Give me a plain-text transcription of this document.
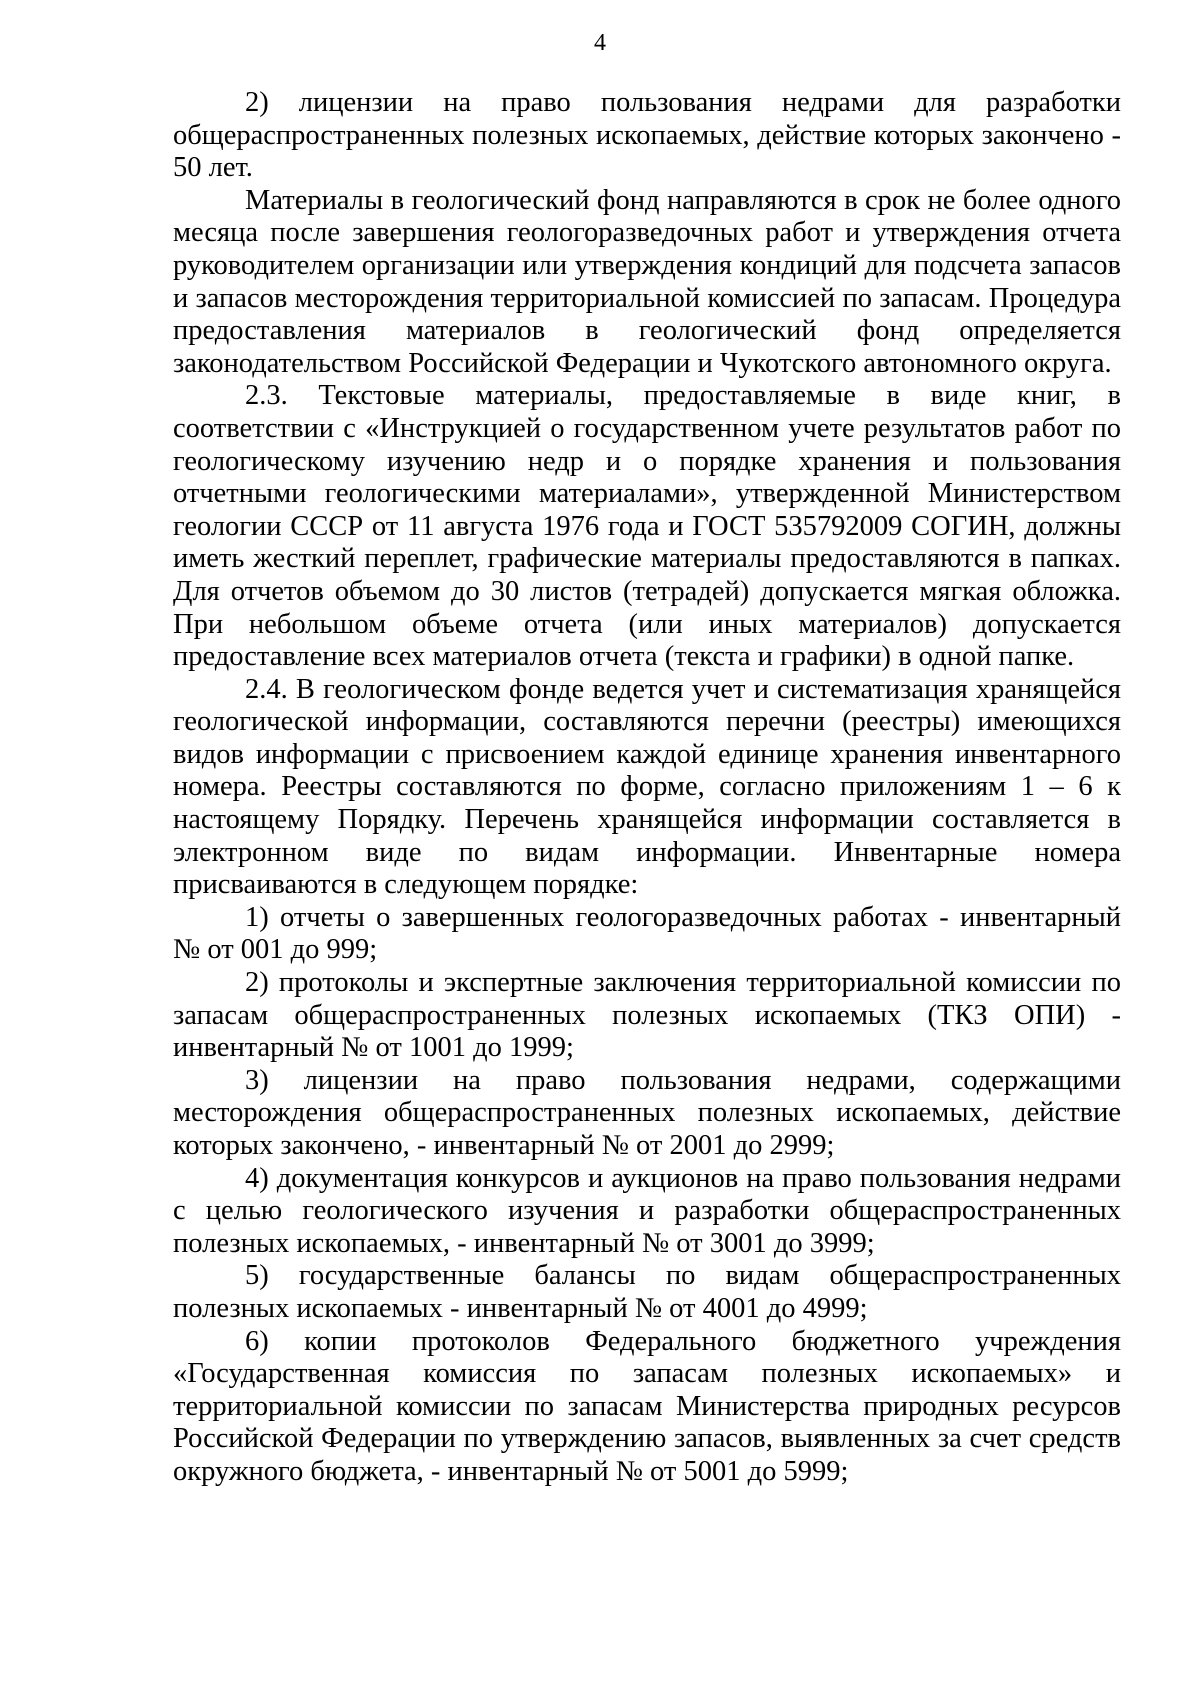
4

2) лицензии на право пользования недрами для разработки общераспространенных полезных ископаемых, действие которых закончено - 50 лет.

Материалы в геологический фонд направляются в срок не более одного месяца после завершения геологоразведочных работ и утверждения отчета руководителем организации или утверждения кондиций для подсчета запасов и запасов месторождения территориальной комиссией по запасам. Процедура предоставления материалов в геологический фонд определяется законодательством Российской Федерации и Чукотского автономного округа.

2.3. Текстовые материалы, предоставляемые в виде книг, в соответствии с «Инструкцией о государственном учете результатов работ по геологическому изучению недр и о порядке хранения и пользования отчетными геологическими материалами», утвержденной Министерством геологии СССР от 11 августа 1976 года и ГОСТ 535792009 СОГИН, должны иметь жесткий переплет, графические материалы предоставляются в папках. Для отчетов объемом до 30 листов (тетрадей) допускается мягкая обложка. При небольшом объеме отчета (или иных материалов) допускается предоставление всех материалов отчета (текста и графики) в одной папке.

2.4. В геологическом фонде ведется учет и систематизация хранящейся геологической информации, составляются перечни (реестры) имеющихся видов информации с присвоением каждой единице хранения инвентарного номера. Реестры составляются по форме, согласно приложениям 1 – 6 к настоящему Порядку. Перечень хранящейся информации составляется в электронном виде по видам информации. Инвентарные номера присваиваются в следующем порядке:

1) отчеты о завершенных геологоразведочных работах - инвентарный № от 001 до 999;

2) протоколы и экспертные заключения территориальной комиссии по запасам общераспространенных полезных ископаемых (ТКЗ ОПИ) - инвентарный № от 1001 до 1999;

3) лицензии на право пользования недрами, содержащими месторождения общераспространенных полезных ископаемых, действие которых закончено, - инвентарный № от 2001 до 2999;

4) документация конкурсов и аукционов на право пользования недрами с целью геологического изучения и разработки общераспространенных полезных ископаемых, - инвентарный № от 3001 до 3999;

5) государственные балансы по видам общераспространенных полезных ископаемых - инвентарный № от 4001 до 4999;

6) копии протоколов Федерального бюджетного учреждения «Государственная комиссия по запасам полезных ископаемых» и территориальной комиссии по запасам Министерства природных ресурсов Российской Федерации по утверждению запасов, выявленных за счет средств окружного бюджета, - инвентарный № от 5001 до 5999;
